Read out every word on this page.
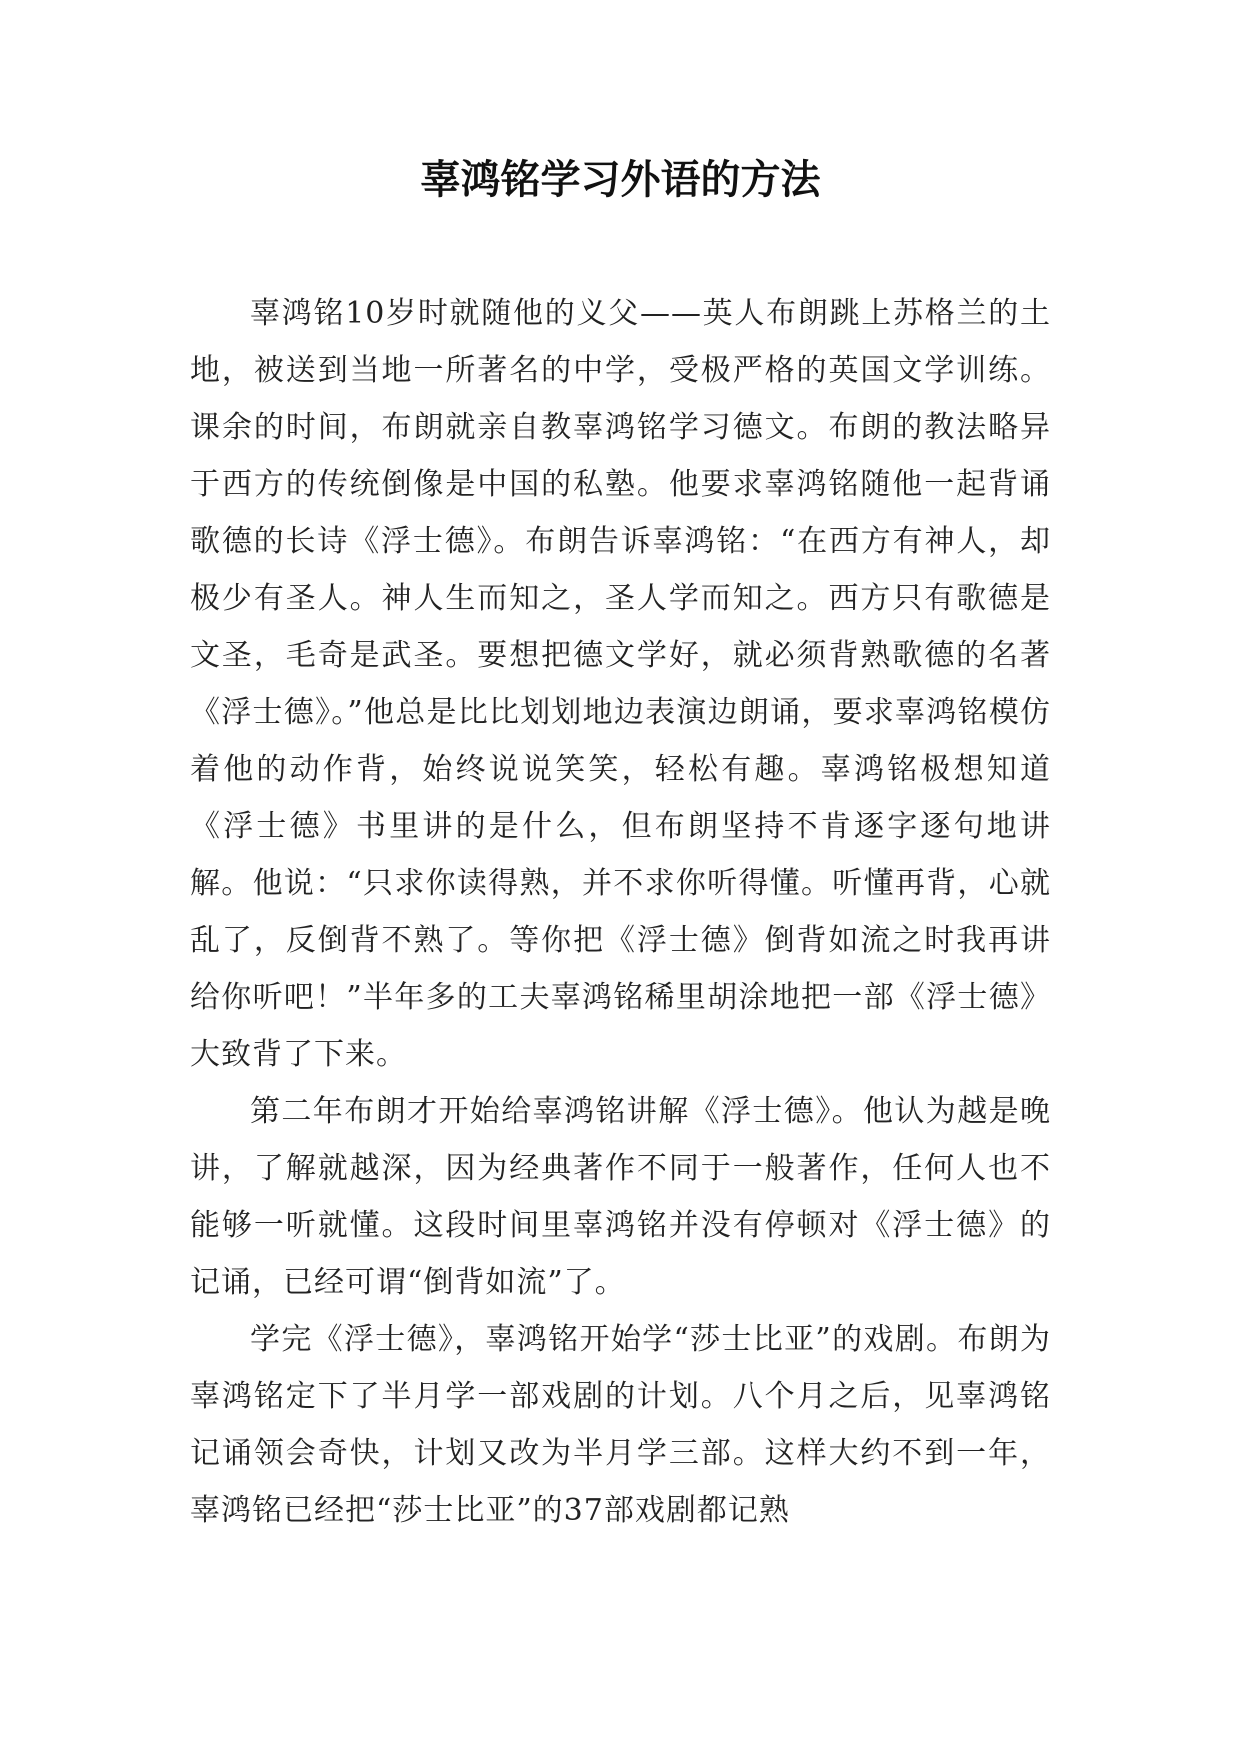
辜鸿铭学习外语的方法

辜鸿铭10岁时就随他的义父——英人布朗跳上苏格兰的土地，被送到当地一所著名的中学，受极严格的英国文学训练。课余的时间，布朗就亲自教辜鸿铭学习德文。布朗的教法略异于西方的传统倒像是中国的私塾。他要求辜鸿铭随他一起背诵歌德的长诗《浮士德》。布朗告诉辜鸿铭：“在西方有神人，却极少有圣人。神人生而知之，圣人学而知之。西方只有歌德是文圣，毛奇是武圣。要想把德文学好，就必须背熟歌德的名著《浮士德》。”他总是比比划划地边表演边朗诵，要求辜鸿铭模仿着他的动作背，始终说说笑笑，轻松有趣。辜鸿铭极想知道《浮士德》书里讲的是什么，但布朗坚持不肯逐字逐句地讲解。他说：“只求你读得熟，并不求你听得懂。听懂再背，心就乱了，反倒背不熟了。等你把《浮士德》倒背如流之时我再讲给你听吧！”半年多的工夫辜鸿铭稀里胡涂地把一部《浮士德》大致背了下来。

第二年布朗才开始给辜鸿铭讲解《浮士德》。他认为越是晚讲，了解就越深，因为经典著作不同于一般著作，任何人也不能够一听就懂。这段时间里辜鸿铭并没有停顿对《浮士德》的记诵，已经可谓“倒背如流”了。

学完《浮士德》，辜鸿铭开始学“莎士比亚”的戏剧。布朗为辜鸿铭定下了半月学一部戏剧的计划。八个月之后，见辜鸿铭记诵领会奇快，计划又改为半月学三部。这样大约不到一年，辜鸿铭已经把“莎士比亚”的37部戏剧都记熟
